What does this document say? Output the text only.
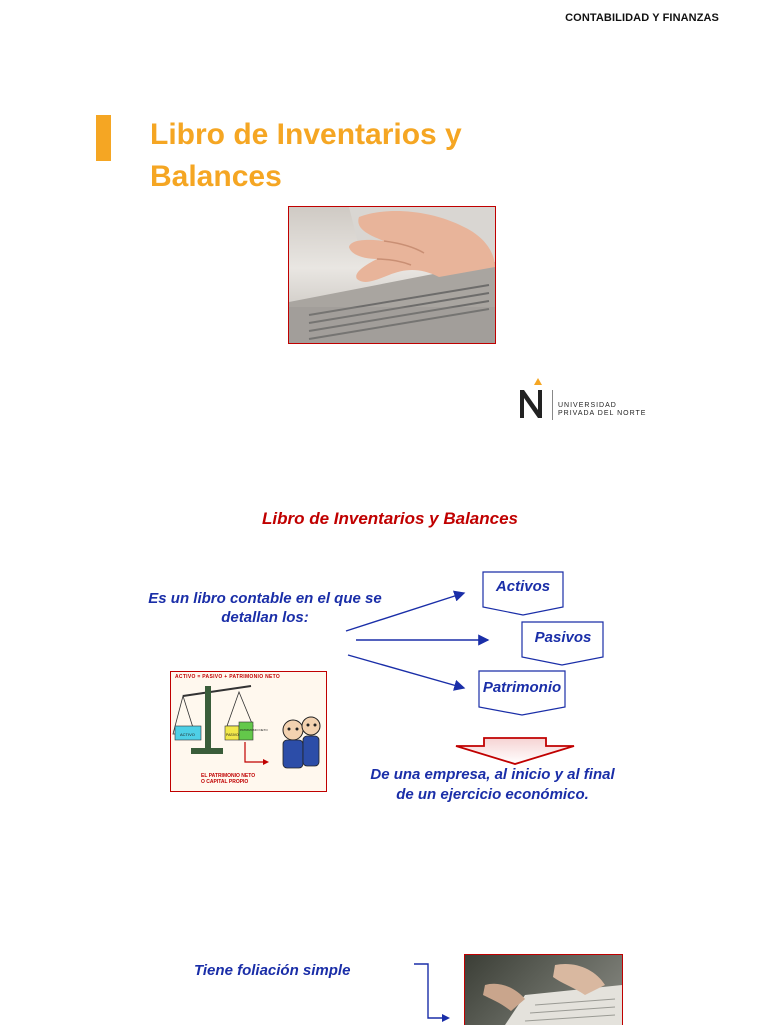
CONTABILIDAD Y FINANZAS
Libro de Inventarios y
Balances
UNIVERSIDAD
PRIVADA DEL NORTE
Libro de Inventarios y Balances
Es un libro contable en el que se
detallan los:
Activos
Pasivos
Patrimonio
ACTIVO = PASIVO + PATRIMONIO NETO
ACTIVO	PASIVO
PATRIMONIO NETO
EL PATRIMONIO NETO
O CAPITAL PROPIO	De una empresa, al inicio y al final
de un ejercicio económico.
Tiene foliación simple
